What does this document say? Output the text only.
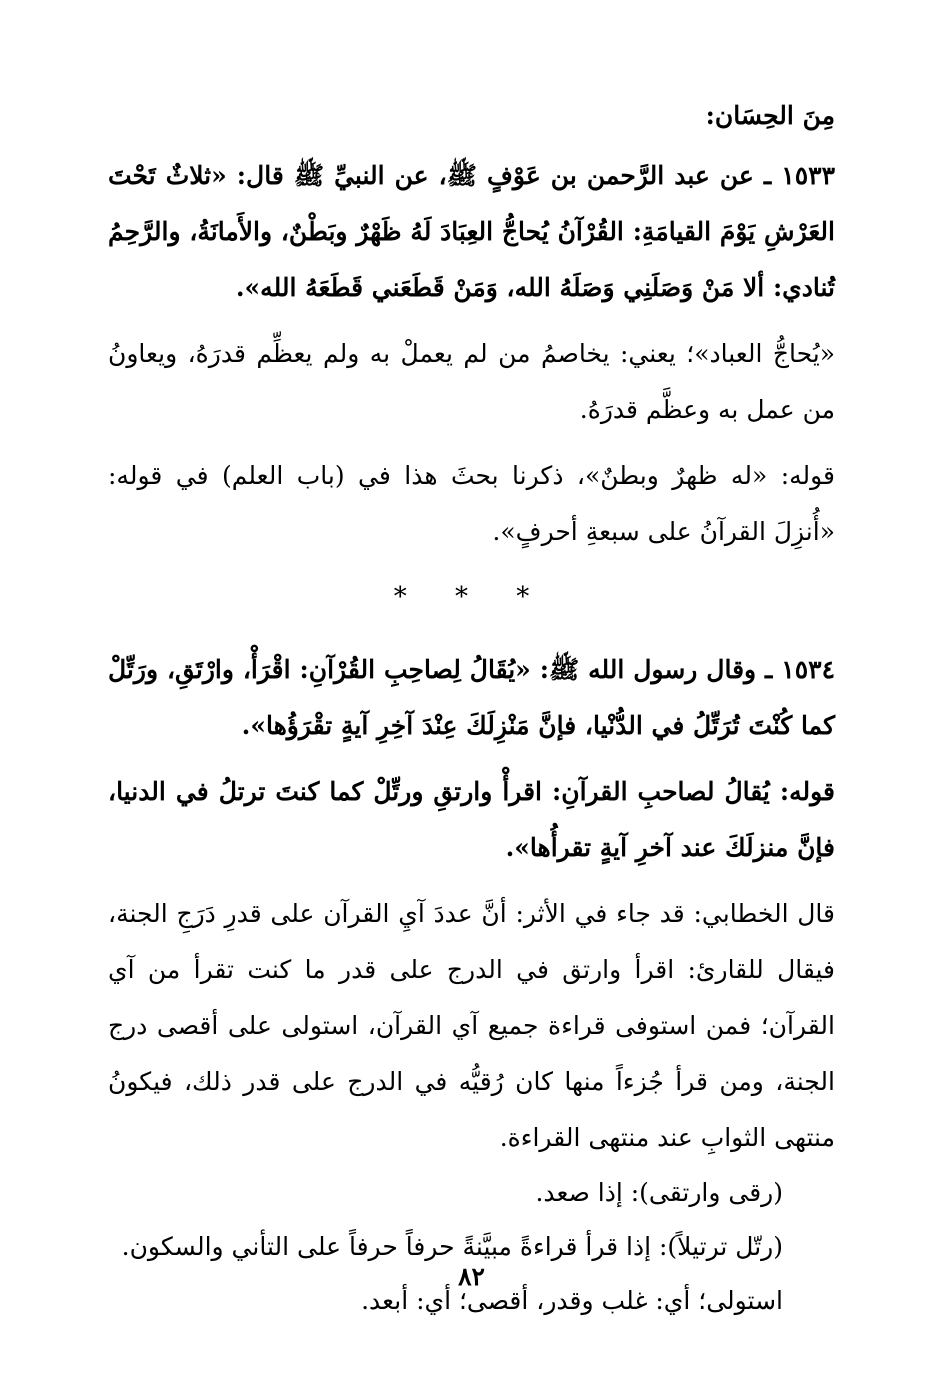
مِنَ الحِسَان:

١٥٣٣ ـ عن عبد الرَّحمن بن عَوْفٍ ﷺ، عن النبيِّ ﷺ قال: «ثلاثٌ تَحْتَ العَرْشِ يَوْمَ القيامَةِ: القُرْآنُ يُحاجُّ العِبَادَ لَهُ ظَهْرٌ وبَطْنٌ، والأَمانَةُ، والرَّحِمُ تُنادي: ألا مَنْ وَصَلَنِي وَصَلَهُ الله، وَمَنْ قَطَعَني قَطَعَهُ الله».

«يُحاجُّ العباد»؛ يعني: يخاصمُ من لم يعملْ به ولم يعظِّم قدرَهُ، ويعاونُ من عمل به وعظَّم قدرَهُ.

قوله: «له ظهرٌ وبطنٌ»، ذكرنا بحثَ هذا في (باب العلم) في قوله: «أُنزِلَ القرآنُ على سبعةِ أحرفٍ».

* * *

١٥٣٤ ـ وقال رسول الله ﷺ: «يُقَالُ لِصاحِبِ القُرْآنِ: اقْرَأْ، وارْتَقِ، ورَتِّلْ كما كُنْتَ تُرَتِّلُ في الدُّنْيا، فإنَّ مَنْزِلَكَ عِنْدَ آخِرِ آيةٍ تقْرَؤُها».

قوله: يُقالُ لصاحبِ القرآنِ: اقرأْ وارتقِ ورتِّلْ كما كنتَ ترتلُ في الدنيا، فإنَّ منزلَكَ عند آخرِ آيةٍ تقرأُها».

قال الخطابي: قد جاء في الأثر: أنَّ عددَ آيِ القرآن على قدرِ دَرَجِ الجنة، فيقال للقارئ: اقرأ وارتق في الدرج على قدر ما كنت تقرأ من آي القرآن؛ فمن استوفى قراءة جميع آي القرآن، استولى على أقصى درج الجنة، ومن قرأ جُزءاً منها كان رُقيُّه في الدرج على قدر ذلك، فيكونُ منتهى الثوابِ عند منتهى القراءة.

(رقى وارتقى): إذا صعد.

(رتّل ترتيلاً): إذا قرأ قراءةً مبيَّنةً حرفاً حرفاً على التأني والسكون.

استولى؛ أي: غلب وقدر، أقصى؛ أي: أبعد.

٨٢
